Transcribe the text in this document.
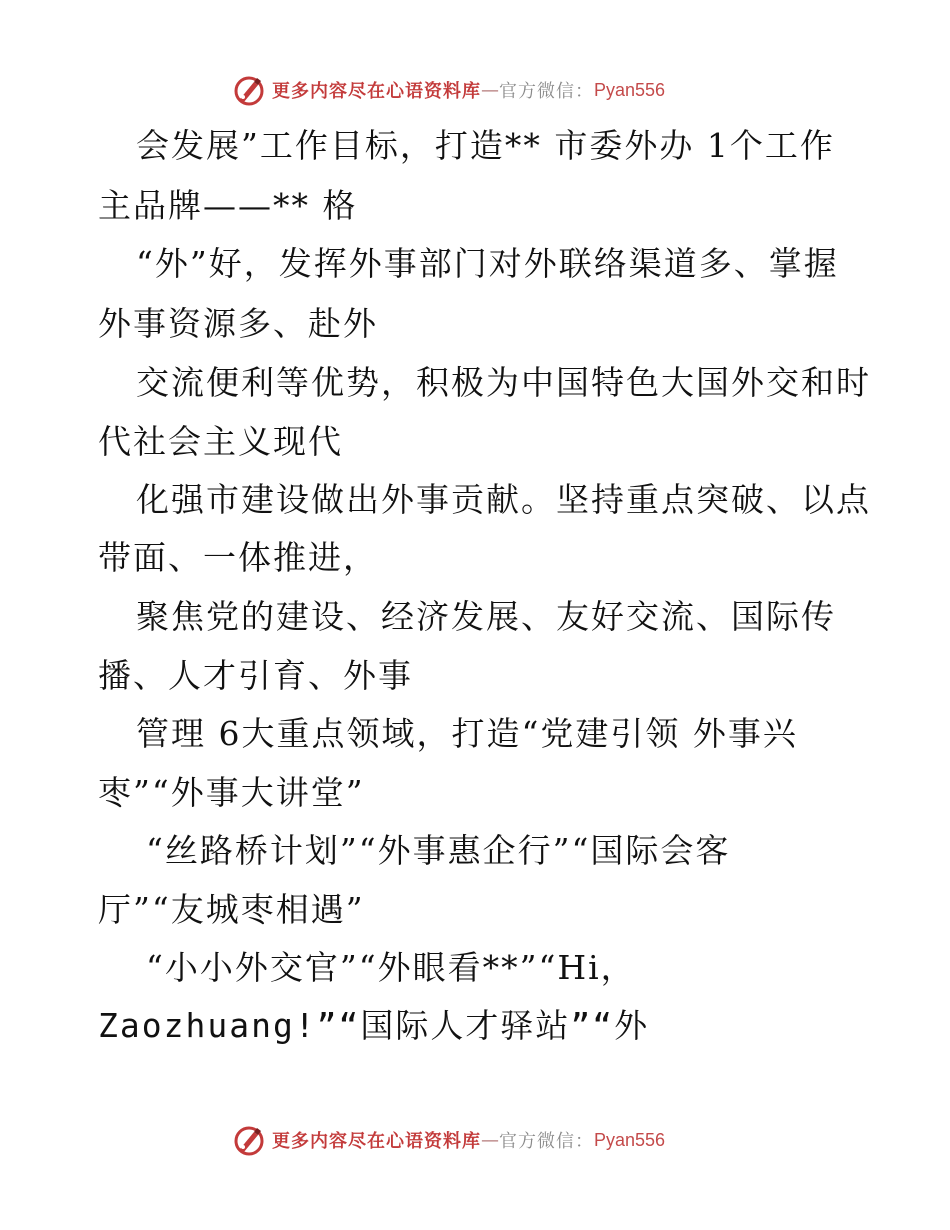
更多内容尽在心语资料库 — 官方微信： Pyan556
会发展”工作目标，打造** 市委外办 1个工作
主品牌——** 格
“外”好，发挥外事部门对外联络渠道多、掌握
外事资源多、赴外
交流便利等优势，积极为中国特色大国外交和时
代社会主义现代
化强市建设做出外事贡献。坚持重点突破、以点
带面、一体推进，
聚焦党的建设、经济发展、友好交流、国际传
播、人才引育、外事
管理 6大重点领域，打造“党建引领 外事兴
枣”“外事大讲堂”
“丝路桥计划”“外事惠企行”“国际会客
厅”“友城枣相遇”
“小小外交官”“外眼看**”“Hi，
Zaozhuang!”“国际人才驿站”“外
更多内容尽在心语资料库 — 官方微信： Pyan556
